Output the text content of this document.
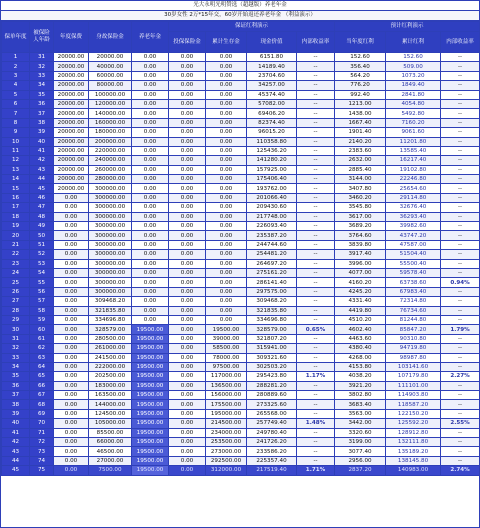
光大永明光明赞选（超越版）养老年金
30岁女性 2万*15年交，60岁开始返还养老年金 （利益演示）
保单年度	被保险人年龄	年度保费	身故保险金	养老年金	保证红利演示				预计红利演示		
					投保保险金	累计生存金	现金价值	内部收益率	当年度红利	累计红利	内部收益率
1	31	20000.00	20000.00	0.00	0.00	0.00	6151.80	--	152.60	152.60	--
2	32	20000.00	40000.00	0.00	0.00	0.00	14189.40	--	356.40	509.00	--
3	33	20000.00	60000.00	0.00	0.00	0.00	23704.60	--	564.20	1073.20	--
4	34	20000.00	80000.00	0.00	0.00	0.00	34257.00	--	776.20	1849.40	--
5	35	20000.00	100000.00	0.00	0.00	0.00	45374.40	--	992.40	2841.80	--
6	36	20000.00	120000.00	0.00	0.00	0.00	57082.00	--	1213.00	4054.80	--
7	37	20000.00	140000.00	0.00	0.00	0.00	69406.20	--	1438.00	5492.80	--
8	38	20000.00	160000.00	0.00	0.00	0.00	82374.40	--	1667.40	7160.20	--
9	39	20000.00	180000.00	0.00	0.00	0.00	96015.20	--	1901.40	9061.60	--
10	40	20000.00	200000.00	0.00	0.00	0.00	110358.80	--	2140.20	11201.80	--
11	41	20000.00	220000.00	0.00	0.00	0.00	125436.20	--	2383.60	13585.40	--
12	42	20000.00	240000.00	0.00	0.00	0.00	141280.20	--	2632.00	16217.40	--
13	43	20000.00	260000.00	0.00	0.00	0.00	157925.00	--	2885.40	19102.80	--
14	44	20000.00	280000.00	0.00	0.00	0.00	175406.40	--	3144.00	22246.80	--
15	45	20000.00	300000.00	0.00	0.00	0.00	193762.00	--	3407.80	25654.60	--
16	46	0.00	300000.00	0.00	0.00	0.00	201066.40	--	3460.20	29114.80	--
17	47	0.00	300000.00	0.00	0.00	0.00	209430.60	--	3545.80	32676.40	--
18	48	0.00	300000.00	0.00	0.00	0.00	217748.00	--	3617.00	36293.40	--
19	49	0.00	300000.00	0.00	0.00	0.00	226093.40	--	3689.20	39982.60	--
20	50	0.00	300000.00	0.00	0.00	0.00	235387.20	--	3764.60	43747.20	--
21	51	0.00	300000.00	0.00	0.00	0.00	244744.60	--	3839.80	47587.00	--
22	52	0.00	300000.00	0.00	0.00	0.00	254481.20	--	3917.40	51504.40	--
23	53	0.00	300000.00	0.00	0.00	0.00	264697.20	--	3996.00	55500.40	--
24	54	0.00	300000.00	0.00	0.00	0.00	275161.20	--	4077.00	59578.40	--
25	55	0.00	300000.00	0.00	0.00	0.00	286141.40	--	4160.20	63738.60	0.94%
26	56	0.00	300000.00	0.00	0.00	0.00	297575.00	--	4245.20	67983.40	--
27	57	0.00	309468.20	0.00	0.00	0.00	309468.20	--	4331.40	72314.80	--
28	58	0.00	321835.80	0.00	0.00	0.00	321835.80	--	4419.80	76734.60	--
29	59	0.00	334696.80	0.00	0.00	0.00	334696.80	--	4510.20	81244.80	--
30	60	0.00	328579.00	19500.00	0.00	19500.00	328579.00	0.65%	4602.40	85847.20	1.79%
31	61	0.00	280500.00	19500.00	0.00	39000.00	321807.20	--	4463.60	90310.80	--
32	62	0.00	261000.00	19500.00	0.00	58500.00	315941.00	--	4380.40	94719.80	--
33	63	0.00	241500.00	19500.00	0.00	78000.00	309321.60	--	4268.00	98987.80	--
34	64	0.00	222000.00	19500.00	0.00	97500.00	302503.20	--	4153.80	103141.60	--
35	65	0.00	202500.00	19500.00	0.00	117000.00	295423.80	1.17%	4038.20	107179.80	2.27%
36	66	0.00	183000.00	19500.00	0.00	136500.00	288281.20	--	3921.20	111101.00	--
37	67	0.00	163500.00	19500.00	0.00	156000.00	280889.60	--	3802.80	114903.80	--
38	68	0.00	144000.00	19500.00	0.00	175500.00	273325.60	--	3683.40	118587.20	--
39	69	0.00	124500.00	19500.00	0.00	195000.00	265568.00	--	3563.00	122150.20	--
40	70	0.00	105000.00	19500.00	0.00	214500.00	257749.40	1.48%	3442.00	125592.20	2.55%
41	71	0.00	85500.00	19500.00	0.00	234000.00	249780.40	--	3320.60	128912.80	--
42	72	0.00	66000.00	19500.00	0.00	253500.00	241726.20	--	3199.00	132111.80	--
43	73	0.00	46500.00	19500.00	0.00	273000.00	233586.20	--	3077.40	135189.20	--
44	74	0.00	27000.00	19500.00	0.00	292500.00	225357.40	--	2956.00	138145.80	--
45	75	0.00	7500.00	19500.00	0.00	312000.00	217519.40	1.71%	2837.20	140983.00	2.74%
